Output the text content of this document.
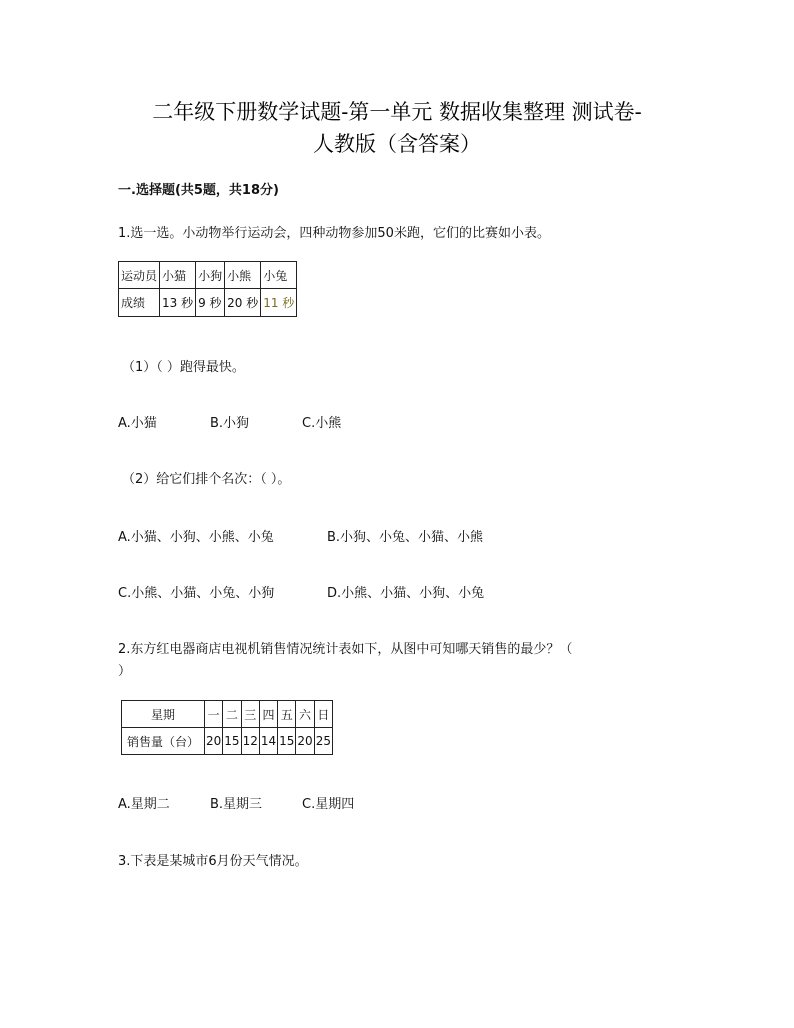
二年级下册数学试题-第一单元 数据收集整理 测试卷-
人教版（含答案）
一.选择题(共5题，共18分)
1.选一选。小动物举行运动会，四种动物参加50米跑，它们的比赛如小表。
运动员	小猫	小狗	小熊	小兔
成绩	13 秒	9 秒	20 秒	11 秒
（1）（ ）跑得最快。
A.小猫	B.小狗	C.小熊
（2）给它们排个名次：（ ）。
A.小猫、小狗、小熊、小兔	B.小狗、小兔、小猫、小熊
C.小熊、小猫、小兔、小狗	D.小熊、小猫、小狗、小兔
2.东方红电器商店电视机销售情况统计表如下，从图中可知哪天销售的最少？（
）
星期	一	二	三	四	五	六	日
销售量（台）	20	15	12	14	15	20	25
A.星期二	B.星期三	C.星期四
3.下表是某城市6月份天气情况。
